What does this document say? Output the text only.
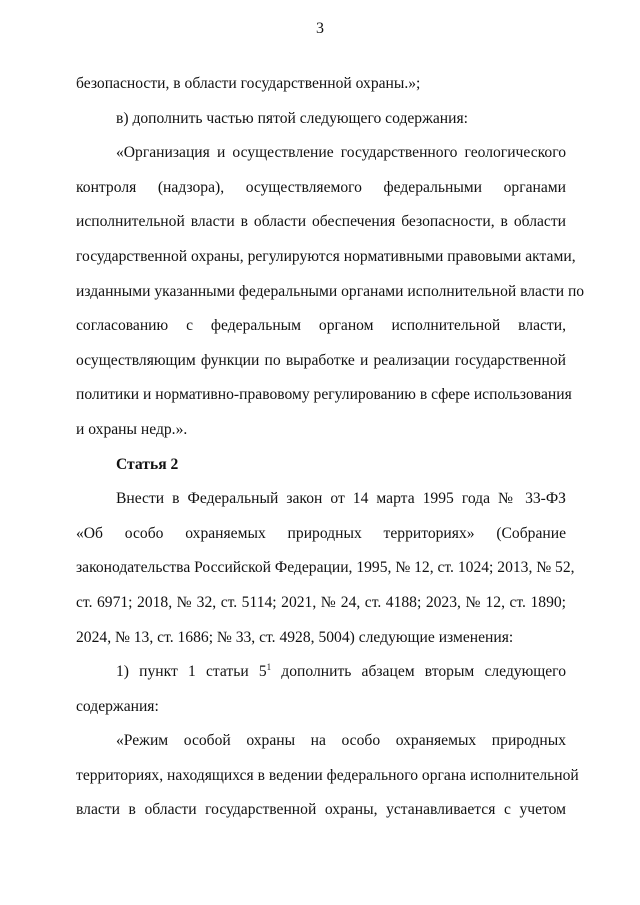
3
безопасности, в области государственной охраны.»;
в) дополнить частью пятой следующего содержания:
«Организация и осуществление государственного геологического
контроля (надзора), осуществляемого федеральными органами
исполнительной власти в области обеспечения безопасности, в области
государственной охраны, регулируются нормативными правовыми актами,
изданными указанными федеральными органами исполнительной власти по
согласованию с федеральным органом исполнительной власти,
осуществляющим функции по выработке и реализации государственной
политики и нормативно-правовому регулированию в сфере использования
и охраны недр.».
Статья 2
Внести в Федеральный закон от 14 марта 1995 года № 33-ФЗ
«Об особо охраняемых природных территориях» (Собрание
законодательства Российской Федерации, 1995, № 12, ст. 1024; 2013, № 52,
ст. 6971; 2018, № 32, ст. 5114; 2021, № 24, ст. 4188; 2023, № 12, ст. 1890;
2024, № 13, ст. 1686; № 33, ст. 4928, 5004) следующие изменения:
1) пункт 1 статьи $5^1$ дополнить абзацем вторым следующего
содержания:
«Режим особой охраны на особо охраняемых природных
территориях, находящихся в ведении федерального органа исполнительной
власти в области государственной охраны, устанавливается с учетом
